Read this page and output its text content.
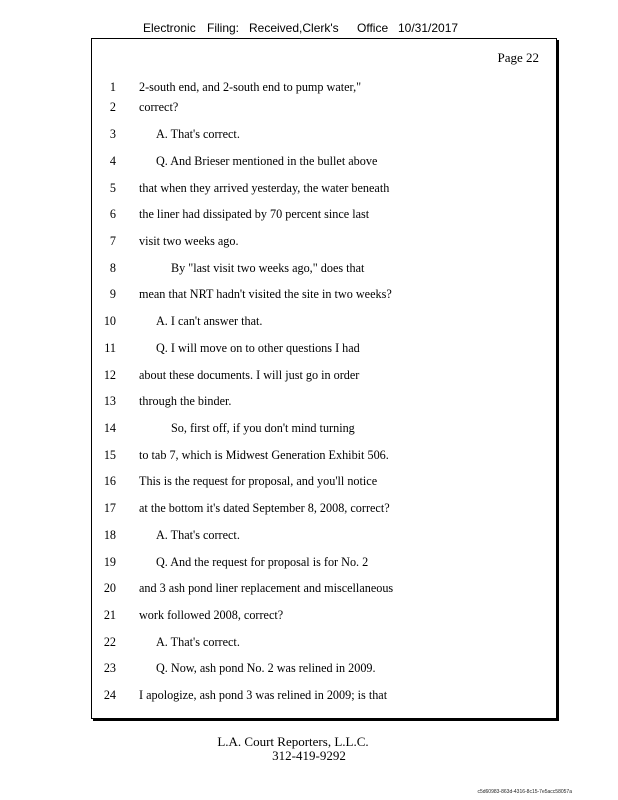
Electronic Filing: Received,Clerk's Office 10/31/2017
Page 22
1 2-south end, and 2-south end to pump water,"
2 correct?
3	A. That's correct.
4	Q. And Brieser mentioned in the bullet above
5 that when they arrived yesterday, the water beneath
6 the liner had dissipated by 70 percent since last
7 visit two weeks ago.
8	By "last visit two weeks ago," does that
9 mean that NRT hadn't visited the site in two weeks?
10	A. I can't answer that.
11	Q. I will move on to other questions I had
12 about these documents. I will just go in order
13 through the binder.
14	So, first off, if you don't mind turning
15 to tab 7, which is Midwest Generation Exhibit 506.
16 This is the request for proposal, and you'll notice
17 at the bottom it's dated September 8, 2008, correct?
18	A. That's correct.
19	Q. And the request for proposal is for No. 2
20 and 3 ash pond liner replacement and miscellaneous
21 work followed 2008, correct?
22	A. That's correct.
23	Q. Now, ash pond No. 2 was relined in 2009.
24 I apologize, ash pond 3 was relined in 2009; is that
L.A. Court Reporters, L.L.C.
312-419-9292
c5d60983-863d-4316-8c15-7e5acc58057a
